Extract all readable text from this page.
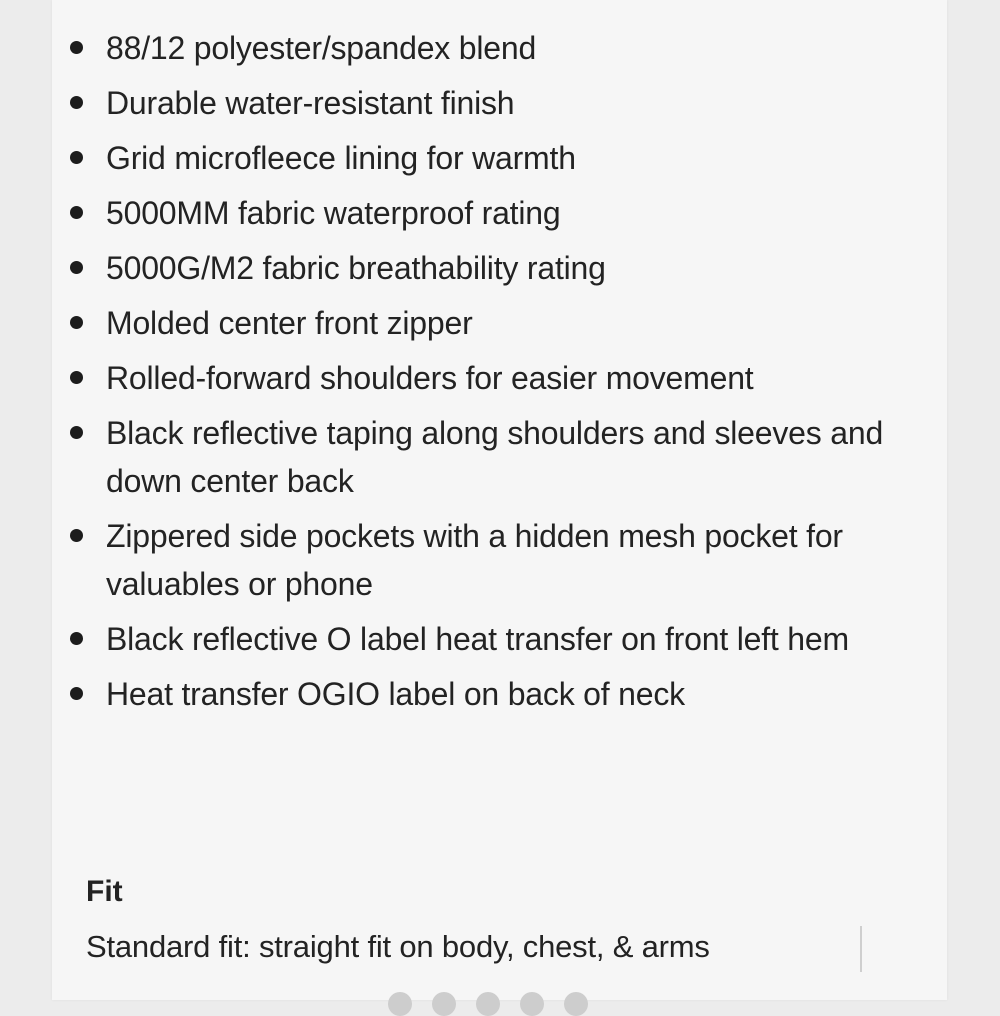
88/12 polyester/spandex blend
Durable water-resistant finish
Grid microfleece lining for warmth
5000MM fabric waterproof rating
5000G/M2 fabric breathability rating
Molded center front zipper
Rolled-forward shoulders for easier movement
Black reflective taping along shoulders and sleeves and down center back
Zippered side pockets with a hidden mesh pocket for valuables or phone
Black reflective O label heat transfer on front left hem
Heat transfer OGIO label on back of neck
Fit

Standard fit: straight fit on body, chest, & arms
